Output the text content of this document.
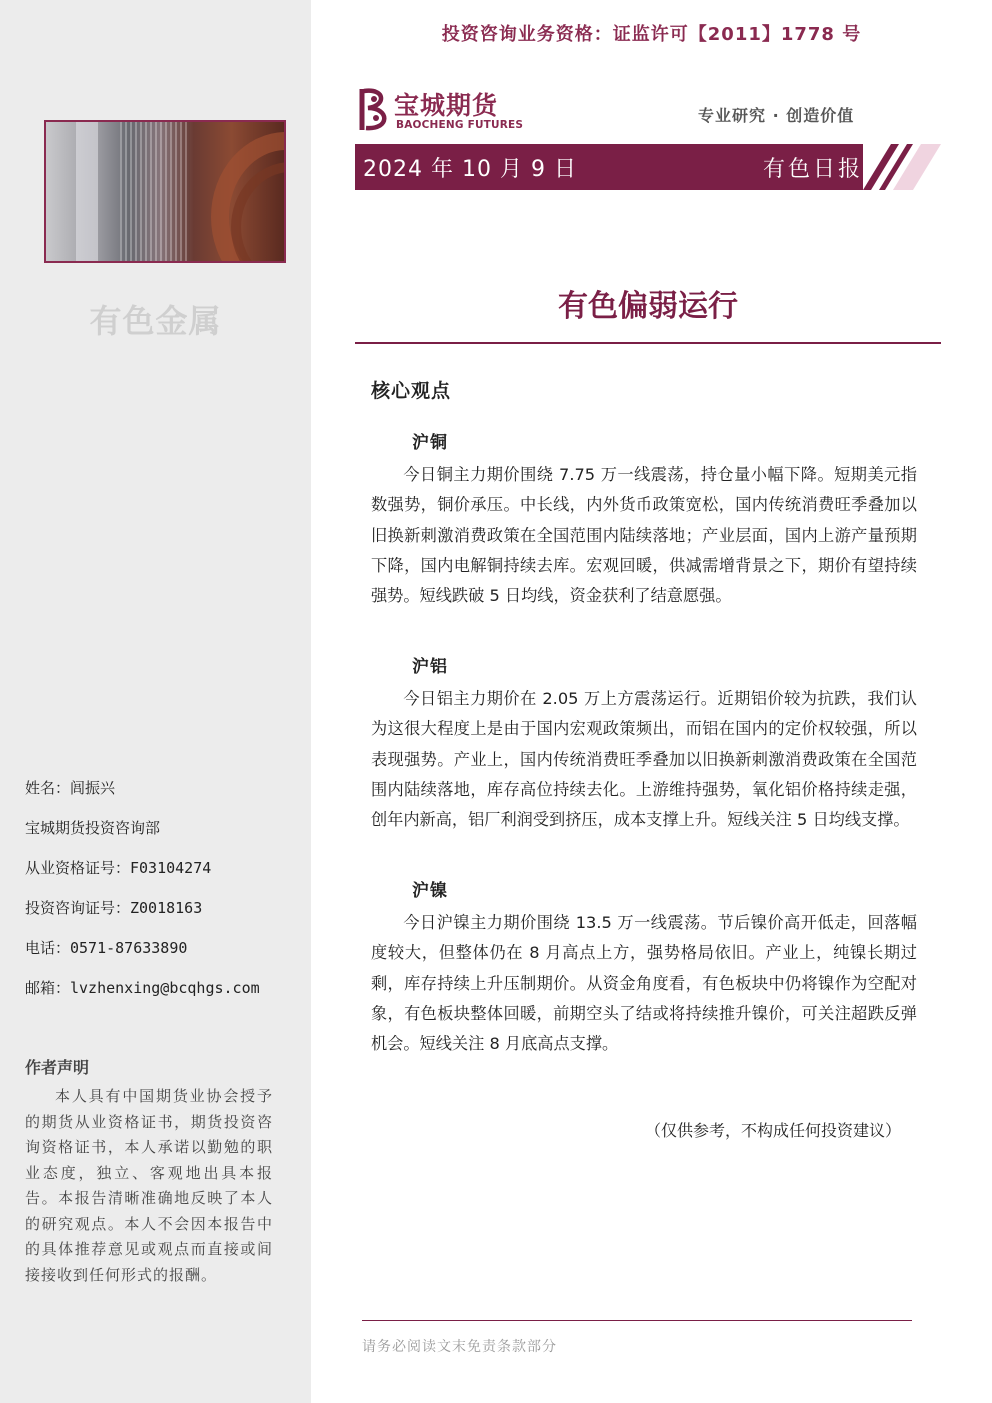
有色金属
姓名：闾振兴
宝城期货投资咨询部
从业资格证号：F03104274
投资咨询证号：Z0018163
电话：0571-87633890
邮箱：lvzhenxing@bcqhgs.com
作者声明
本人具有中国期货业协会授予的期货从业资格证书，期货投资咨询资格证书，本人承诺以勤勉的职业态度，独立、客观地出具本报告。本报告清晰准确地反映了本人的研究观点。本人不会因本报告中的具体推荐意见或观点而直接或间接接收到任何形式的报酬。
投资咨询业务资格：证监许可【2011】1778 号
宝城期货
BAOCHENG FUTURES	专业研究 · 创造价值
2024 年 10 月 9 日	有色日报
有色偏弱运行
核心观点
沪铜
今日铜主力期价围绕 7.75 万一线震荡，持仓量小幅下降。短期美元指数强势，铜价承压。中长线，内外货币政策宽松，国内传统消费旺季叠加以旧换新刺激消费政策在全国范围内陆续落地；产业层面，国内上游产量预期下降，国内电解铜持续去库。宏观回暖，供减需增背景之下，期价有望持续强势。短线跌破 5 日均线，资金获利了结意愿强。
沪铝
今日铝主力期价在 2.05 万上方震荡运行。近期铝价较为抗跌，我们认为这很大程度上是由于国内宏观政策频出，而铝在国内的定价权较强，所以表现强势。产业上，国内传统消费旺季叠加以旧换新刺激消费政策在全国范围内陆续落地，库存高位持续去化。上游维持强势，氧化铝价格持续走强，创年内新高，铝厂利润受到挤压，成本支撑上升。短线关注 5 日均线支撑。
沪镍
今日沪镍主力期价围绕 13.5 万一线震荡。节后镍价高开低走，回落幅度较大，但整体仍在 8 月高点上方，强势格局依旧。产业上，纯镍长期过剩，库存持续上升压制期价。从资金角度看，有色板块中仍将镍作为空配对象，有色板块整体回暖，前期空头了结或将持续推升镍价，可关注超跌反弹机会。短线关注 8 月底高点支撑。
（仅供参考，不构成任何投资建议）
请务必阅读文末免责条款部分
